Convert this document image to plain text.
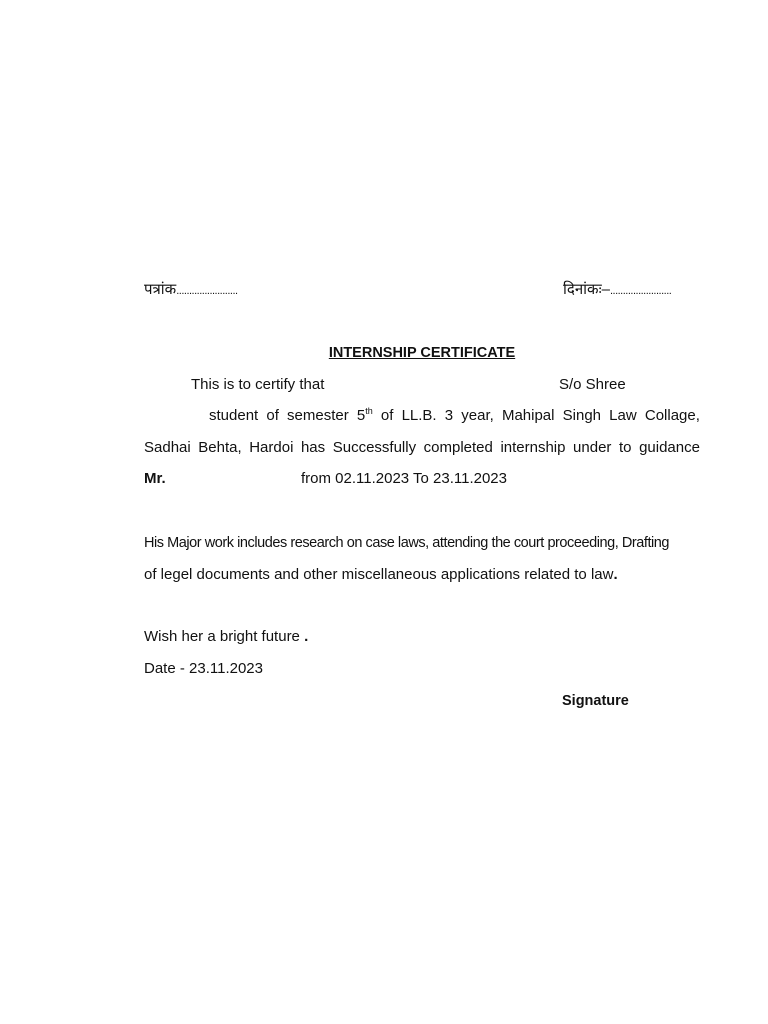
पत्रांक........................	दिनांकः–........................
INTERNSHIP CERTIFICATE
This is to certify that	S/o Shree
student of semester 5th of LL.B. 3 year, Mahipal Singh Law Collage,
Sadhai Behta, Hardoi has Successfully completed internship under to guidance
Mr.	from 02.11.2023 To 23.11.2023
His Major work includes research on case laws, attending the court proceeding, Drafting
of legel documents and other miscellaneous applications related to law.
Wish her a bright future .
Date - 23.11.2023
Signature
